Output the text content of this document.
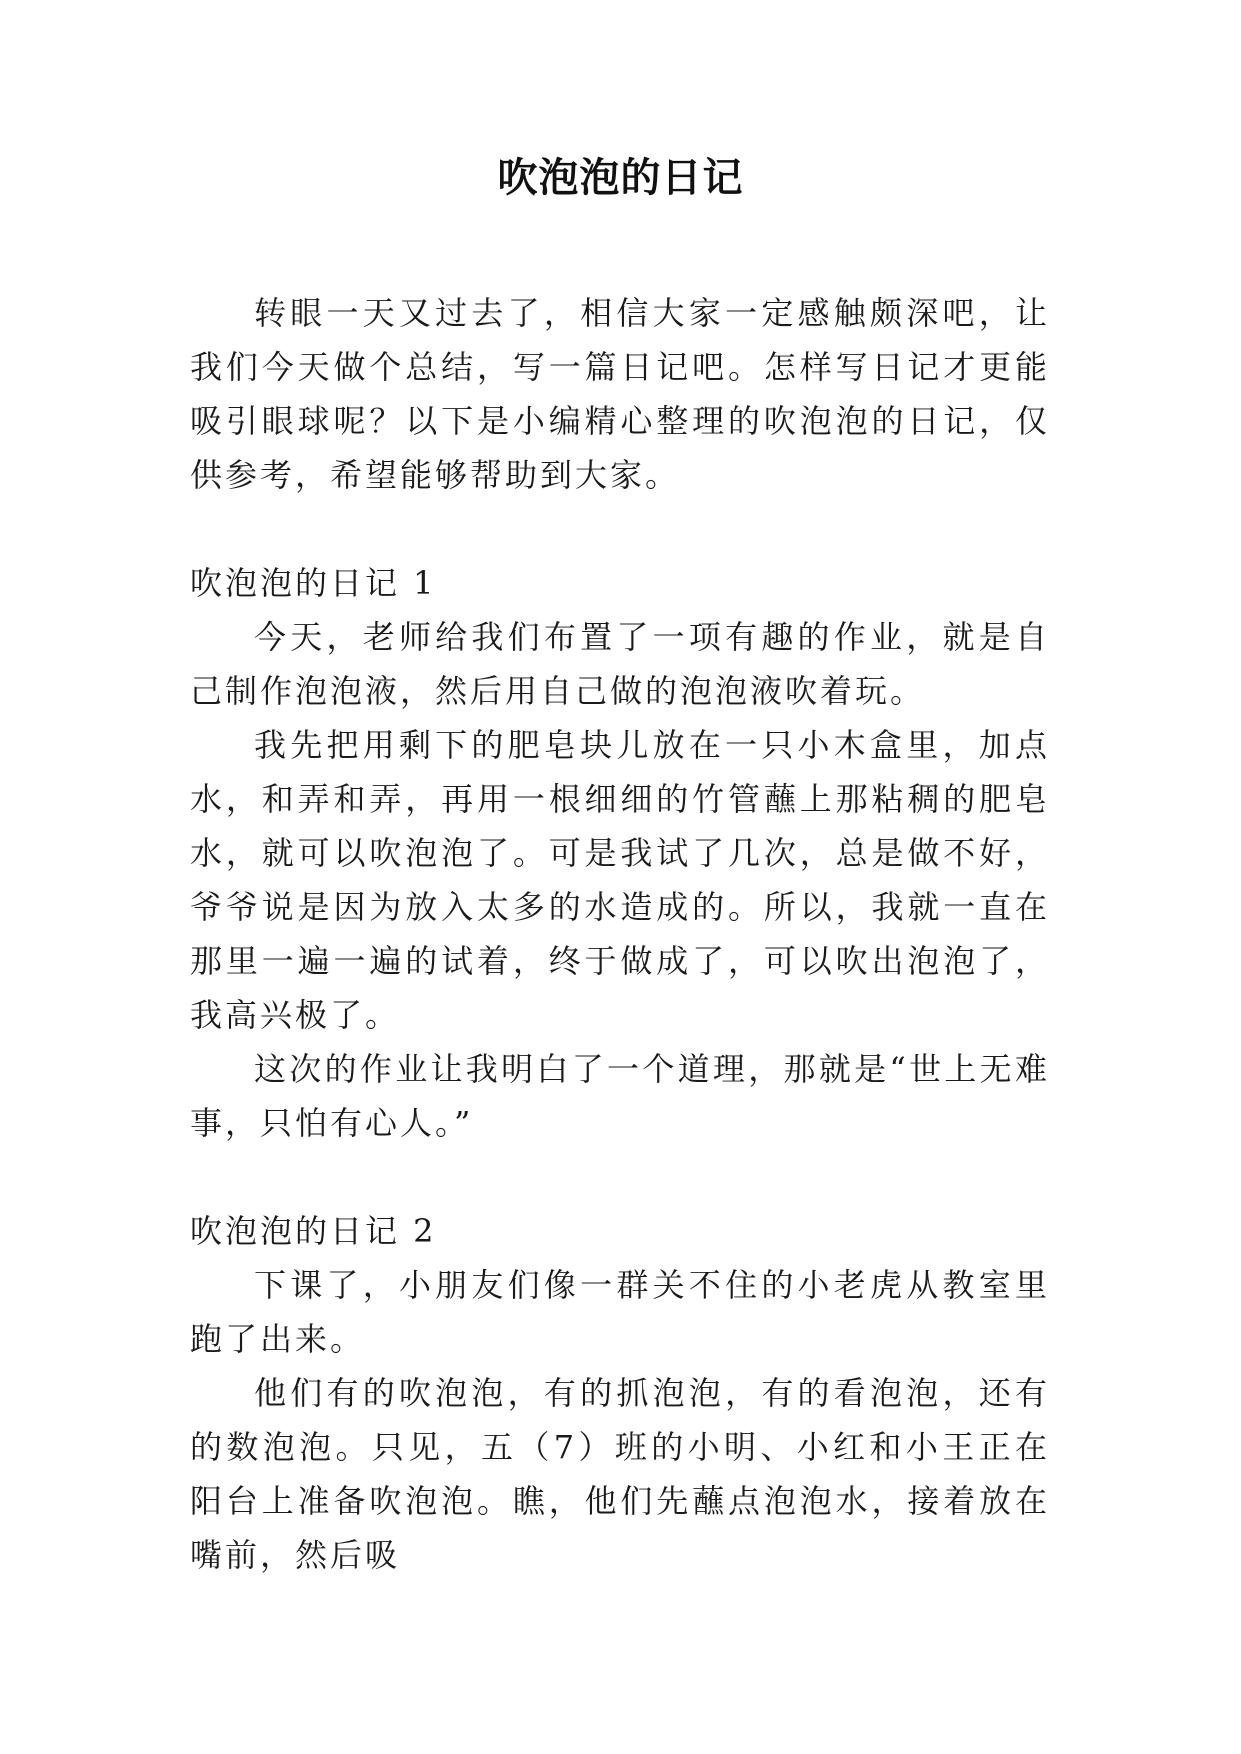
吹泡泡的日记

转眼一天又过去了，相信大家一定感触颇深吧，让我们今天做个总结，写一篇日记吧。怎样写日记才更能吸引眼球呢？以下是小编精心整理的吹泡泡的日记，仅供参考，希望能够帮助到大家。

吹泡泡的日记 1

今天，老师给我们布置了一项有趣的作业，就是自己制作泡泡液，然后用自己做的泡泡液吹着玩。

我先把用剩下的肥皂块儿放在一只小木盒里，加点水，和弄和弄，再用一根细细的竹管蘸上那粘稠的肥皂水，就可以吹泡泡了。可是我试了几次，总是做不好，爷爷说是因为放入太多的水造成的。所以，我就一直在那里一遍一遍的试着，终于做成了，可以吹出泡泡了，我高兴极了。

这次的作业让我明白了一个道理，那就是“世上无难事，只怕有心人。”

吹泡泡的日记 2

下课了，小朋友们像一群关不住的小老虎从教室里跑了出来。

他们有的吹泡泡，有的抓泡泡，有的看泡泡，还有的数泡泡。只见，五（7）班的小明、小红和小王正在阳台上准备吹泡泡。瞧，他们先蘸点泡泡水，接着放在嘴前，然后吸
